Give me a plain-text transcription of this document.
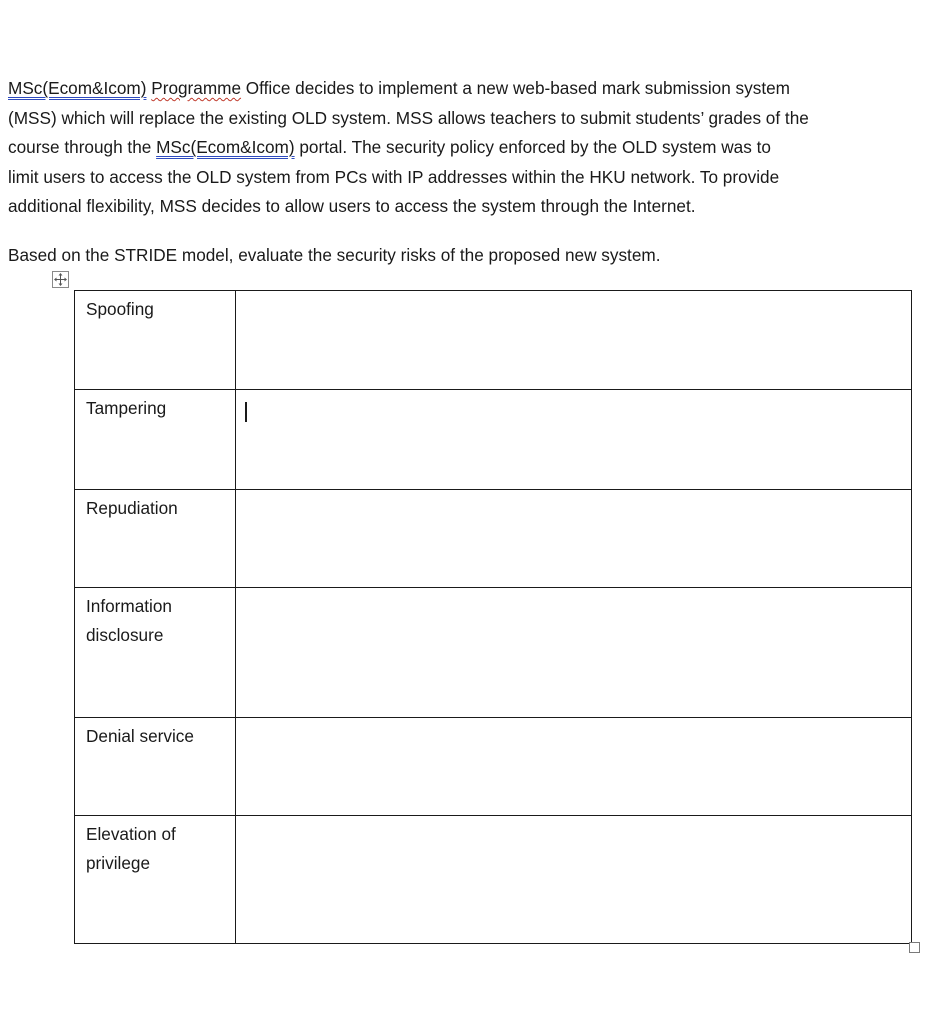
MSc(Ecom&Icom) Programme Office decides to implement a new web-based mark submission system
(MSS) which will replace the existing OLD system. MSS allows teachers to submit students’ grades of the
course through the MSc(Ecom&Icom) portal. The security policy enforced by the OLD system was to
limit users to access the OLD system from PCs with IP addresses within the HKU network. To provide
additional flexibility, MSS decides to allow users to access the system through the Internet.
Based on the STRIDE model, evaluate the security risks of the proposed new system.
Spoofing	
Tampering	

Repudiation	
Information
disclosure	
Denial service	
Elevation of
privilege	
